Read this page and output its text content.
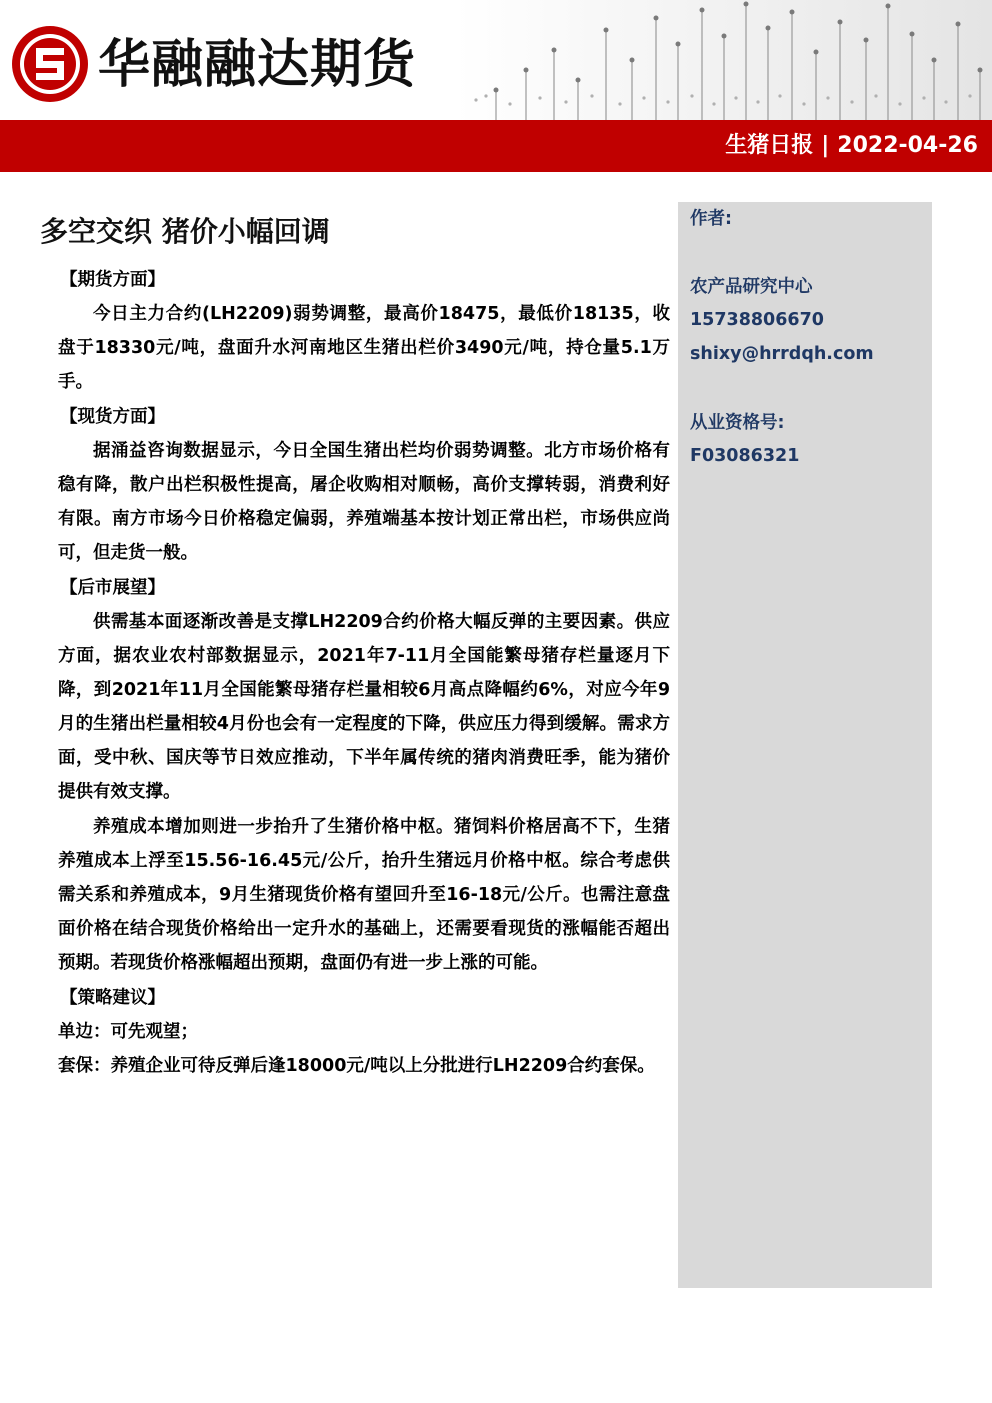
华融融达期货
生猪日报 | 2022-04-26
多空交织 猪价小幅回调
【期货方面】

今日主力合约(LH2209)弱势调整，最高价18475，最低价18135，收盘于18330元/吨，盘面升水河南地区生猪出栏价3490元/吨，持仓量5.1万手。

【现货方面】

据涌益咨询数据显示，今日全国生猪出栏均价弱势调整。北方市场价格有稳有降，散户出栏积极性提高，屠企收购相对顺畅，高价支撑转弱，消费利好有限。南方市场今日价格稳定偏弱，养殖端基本按计划正常出栏，市场供应尚可，但走货一般。

【后市展望】

供需基本面逐渐改善是支撑LH2209合约价格大幅反弹的主要因素。供应方面，据农业农村部数据显示，2021年7-11月全国能繁母猪存栏量逐月下降，到2021年11月全国能繁母猪存栏量相较6月高点降幅约6%，对应今年9月的生猪出栏量相较4月份也会有一定程度的下降，供应压力得到缓解。需求方面，受中秋、国庆等节日效应推动，下半年属传统的猪肉消费旺季，能为猪价提供有效支撑。

养殖成本增加则进一步抬升了生猪价格中枢。猪饲料价格居高不下，生猪养殖成本上浮至15.56-16.45元/公斤，抬升生猪远月价格中枢。综合考虑供需关系和养殖成本，9月生猪现货价格有望回升至16-18元/公斤。也需注意盘面价格在结合现货价格给出一定升水的基础上，还需要看现货的涨幅能否超出预期。若现货价格涨幅超出预期，盘面仍有进一步上涨的可能。

【策略建议】

单边：可先观望；

套保：养殖企业可待反弹后逢18000元/吨以上分批进行LH2209合约套保。

作者:
农产品研究中心
15738806670
shixy@hrrdqh.com
从业资格号:
F03086321
